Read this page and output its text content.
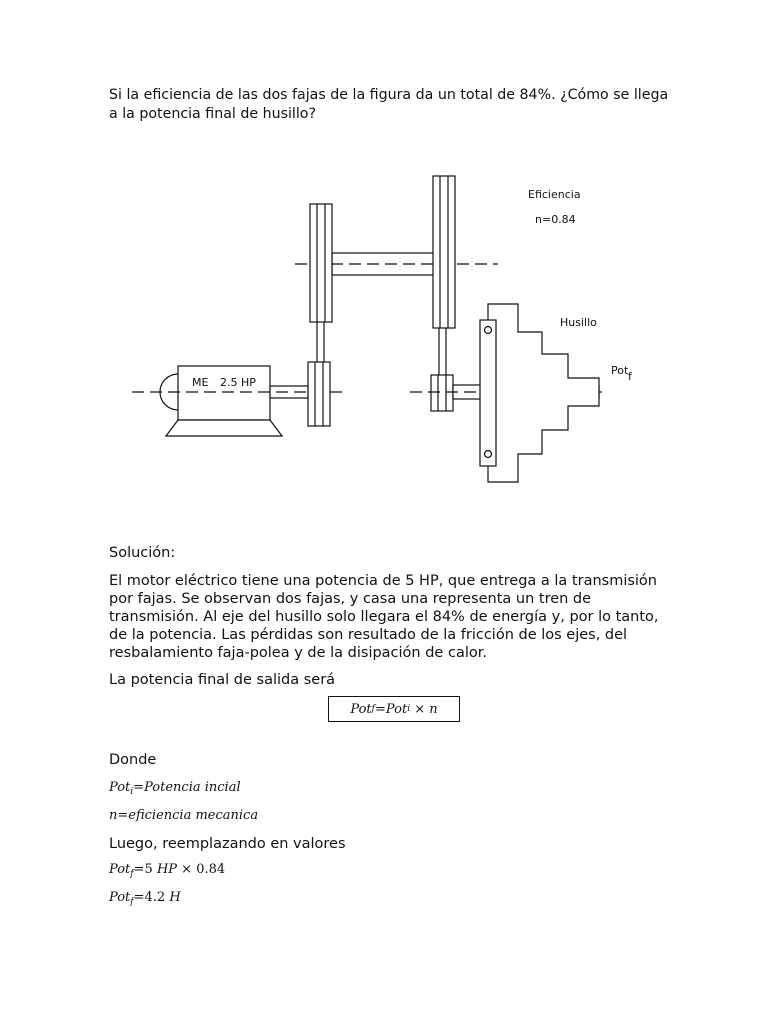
Si la eficiencia de las dos fajas de la figura da un total de 84%. ¿Cómo se llega a la potencia final de husillo?

Eficiencia
n=0.84
Husillo
Pot f
ME 2.5 HP
Solución:

El motor eléctrico tiene una potencia de 5 HP, que entrega a la transmisión por fajas. Se observan dos fajas, y casa una representa un tren de transmisión. Al eje del husillo solo llegara el 84% de energía y, por lo tanto, de la potencia. Las pérdidas son resultado de la fricción de los ejes, del resbalamiento faja-polea y de la disipación de calor.

La potencia final de salida será
Pot f = Pot i × n
Donde
Pot$_i$=Potencia incial
n=eficiencia mecanica
Luego, reemplazando en valores
Pot$_f$=5 HP × 0.84
Pot$_f$=4.2 H
